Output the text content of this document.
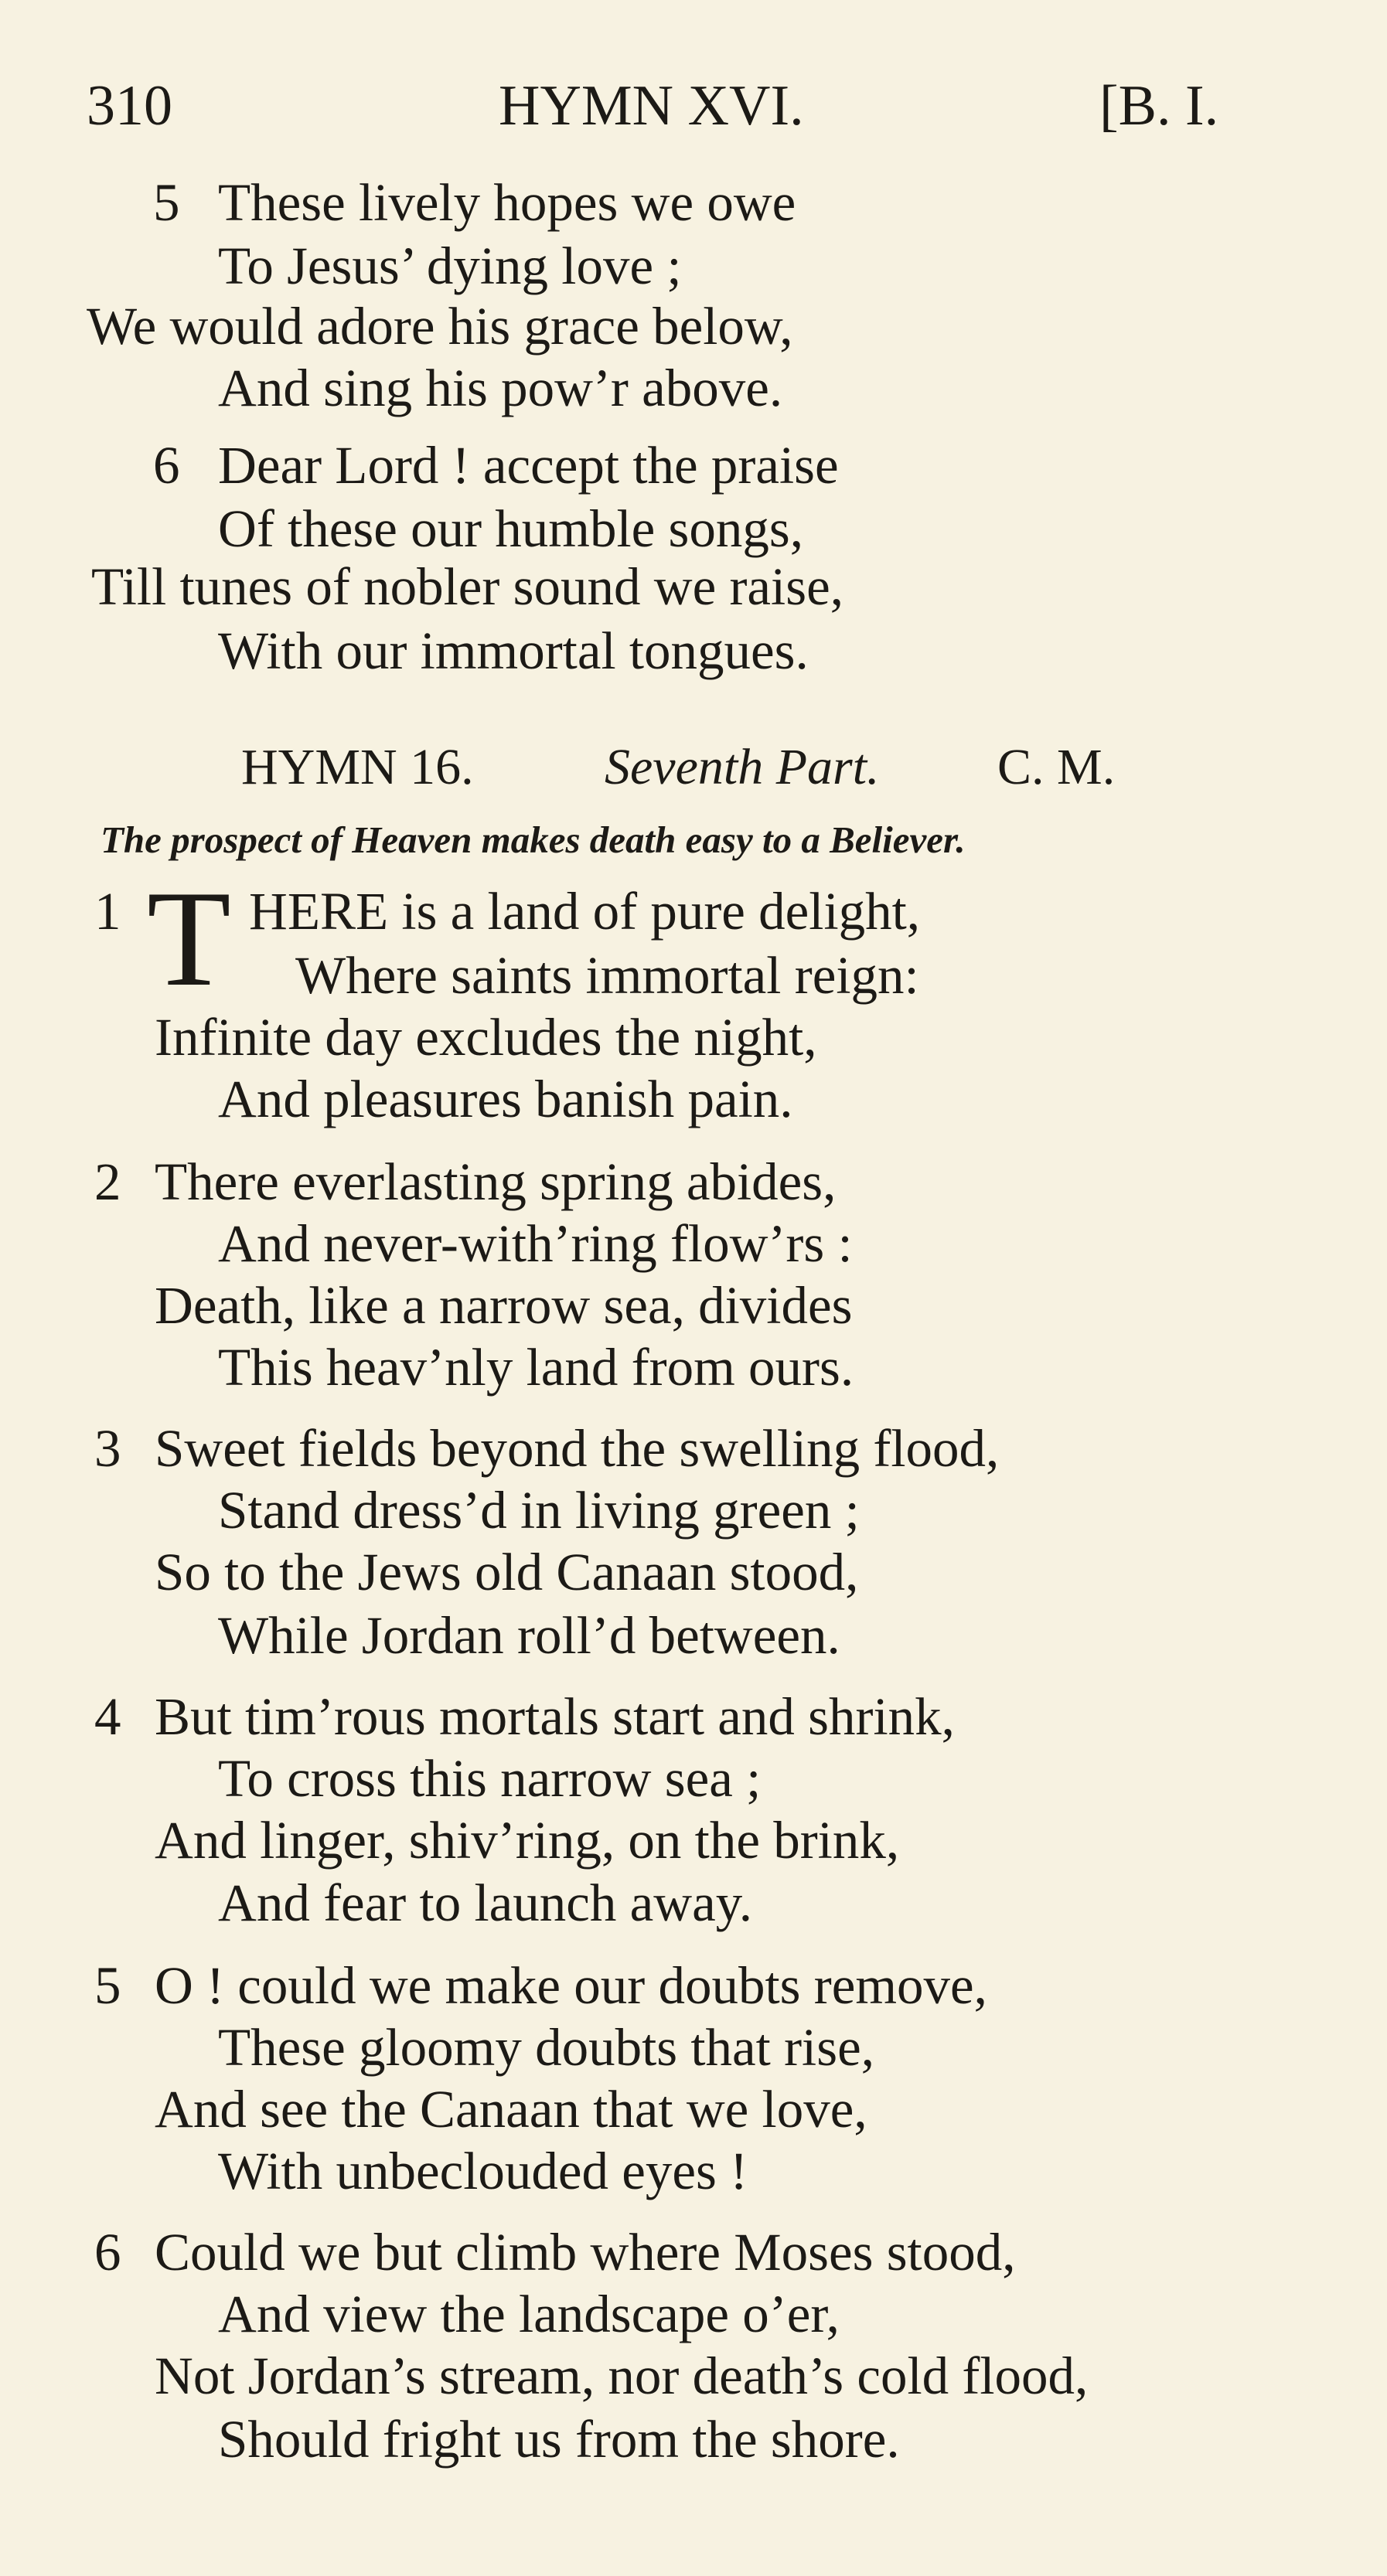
310	HYMN XVI.	[B. I.
5 These lively hopes we owe
To Jesus’ dying love ;
We would adore his grace below,
And sing his pow’r above.
6 Dear Lord ! accept the praise
Of these our humble songs,
Till tunes of nobler sound we raise,
With our immortal tongues.
HYMN 16.	Seventh Part. C. M.
The prospect of Heaven makes death easy to a Believer.
1 T HERE is a land of pure delight,
Where saints immortal reign:
Infinite day excludes the night,
And pleasures banish pain.
2 There everlasting spring abides,
And never-with’ring flow’rs :
Death, like a narrow sea, divides
This heav’nly land from ours.
3 Sweet fields beyond the swelling flood,
Stand dress’d in living green ;
So to the Jews old Canaan stood,
While Jordan roll’d between.
4 But tim’rous mortals start and shrink,
To cross this narrow sea ;
And linger, shiv’ring, on the brink,
And fear to launch away.
5 O ! could we make our doubts remove,
These gloomy doubts that rise,
And see the Canaan that we love,
With unbeclouded eyes !
6 Could we but climb where Moses stood,
And view the landscape o’er,
Not Jordan’s stream, nor death’s cold flood,
Should fright us from the shore.
